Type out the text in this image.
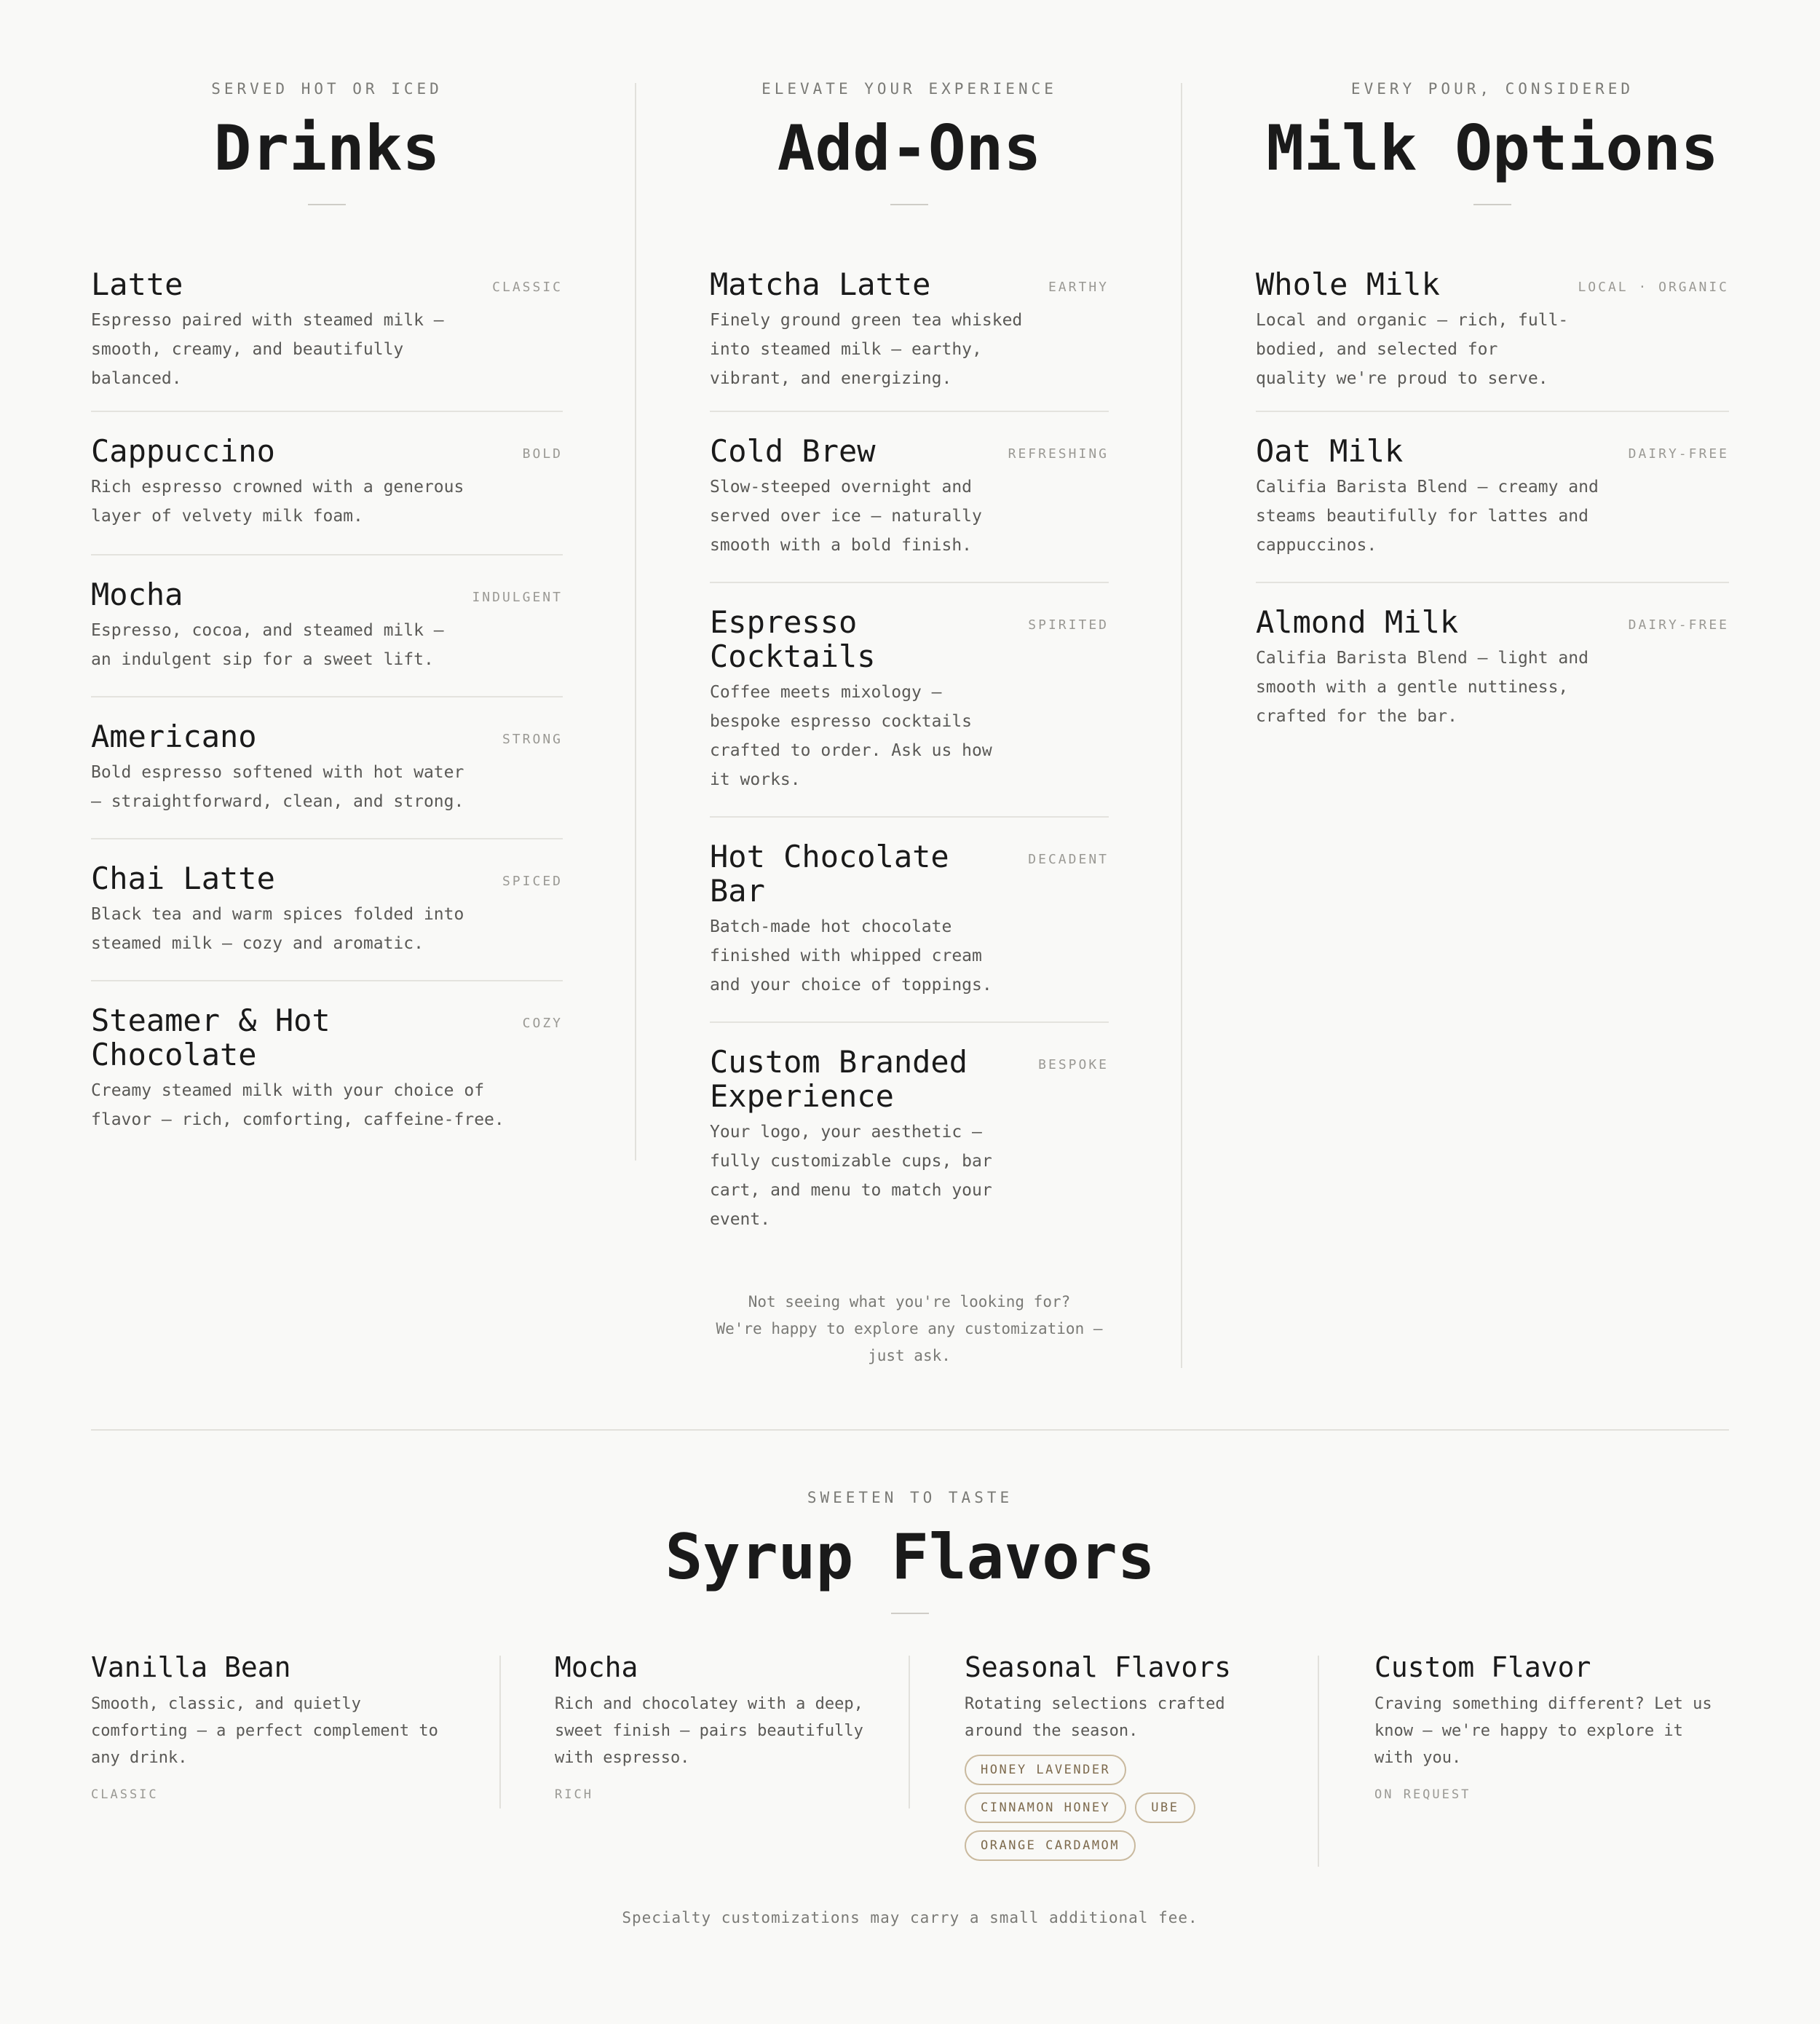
SERVED HOT OR ICED
Drinks
Latte	CLASSIC
Espresso paired with steamed milk — smooth, creamy, and beautifully balanced.
Cappuccino	BOLD
Rich espresso crowned with a generous layer of velvety milk foam.
Mocha	INDULGENT
Espresso, cocoa, and steamed milk — an indulgent sip for a sweet lift.
Americano	STRONG
Bold espresso softened with hot water — straightforward, clean, and strong.
Chai Latte	SPICED
Black tea and warm spices folded into steamed milk — cozy and aromatic.
Steamer & Hot Chocolate
COZY
Creamy steamed milk with your choice of flavor — rich, comforting, caffeine-free.
ELEVATE YOUR EXPERIENCE
Add-Ons
Matcha Latte	EARTHY
Finely ground green tea whisked into steamed milk — earthy, vibrant, and energizing.
Cold Brew	REFRESHING
Slow-steeped overnight and served over ice — naturally smooth with a bold finish.
Espresso Cocktails
SPIRITED
Coffee meets mixology — bespoke espresso cocktails crafted to order. Ask us how it works.
Hot Chocolate Bar
DECADENT
Batch-made hot chocolate finished with whipped cream and your choice of toppings.
Custom Branded Experience
BESPOKE
Your logo, your aesthetic — fully customizable cups, bar cart, and menu to match your event.
Not seeing what you're looking for?
We're happy to explore any customization —
just ask.
EVERY POUR, CONSIDERED
Milk Options
Whole Milk	LOCAL · ORGANIC
Local and organic — rich, full-bodied, and selected for quality we're proud to serve.
Oat Milk	DAIRY-FREE
Califia Barista Blend — creamy and steams beautifully for lattes and cappuccinos.
Almond Milk	DAIRY-FREE
Califia Barista Blend — light and smooth with a gentle nuttiness, crafted for the bar.
SWEETEN TO TASTE
Syrup Flavors
Vanilla Bean
Smooth, classic, and quietly comforting — a perfect complement to any drink.
CLASSIC
Mocha
Rich and chocolatey with a deep, sweet finish — pairs beautifully with espresso.
RICH
Seasonal Flavors
Rotating selections crafted around the season.
HONEY LAVENDER
CINNAMON HONEY	UBE
ORANGE CARDAMOM
Custom Flavor
Craving something different? Let us know — we're happy to explore it with you.
ON REQUEST
Specialty customizations may carry a small additional fee.
